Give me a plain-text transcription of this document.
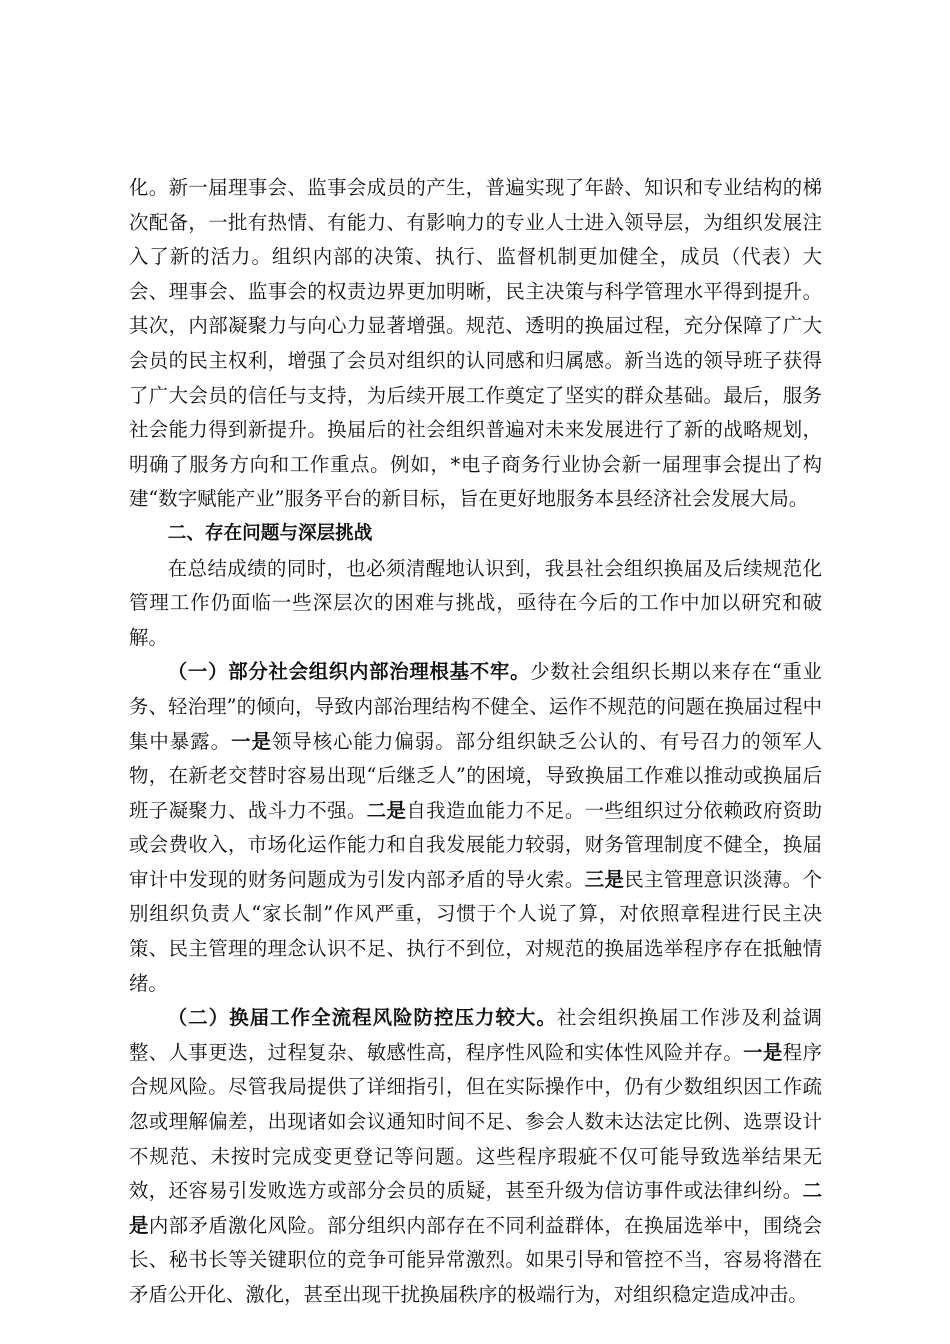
化。新一届理事会、监事会成员的产生，普遍实现了年龄、知识和专业结构的梯次配备，一批有热情、有能力、有影响力的专业人士进入领导层，为组织发展注入了新的活力。组织内部的决策、执行、监督机制更加健全，成员（代表）大会、理事会、监事会的权责边界更加明晰，民主决策与科学管理水平得到提升。其次，内部凝聚力与向心力显著增强。规范、透明的换届过程，充分保障了广大会员的民主权利，增强了会员对组织的认同感和归属感。新当选的领导班子获得了广大会员的信任与支持，为后续开展工作奠定了坚实的群众基础。最后，服务社会能力得到新提升。换届后的社会组织普遍对未来发展进行了新的战略规划，明确了服务方向和工作重点。例如，*电子商务行业协会新一届理事会提出了构建“数字赋能产业”服务平台的新目标，旨在更好地服务本县经济社会发展大局。

二、存在问题与深层挑战

在总结成绩的同时，也必须清醒地认识到，我县社会组织换届及后续规范化管理工作仍面临一些深层次的困难与挑战，亟待在今后的工作中加以研究和破解。

（一）部分社会组织内部治理根基不牢。少数社会组织长期以来存在“重业务、轻治理”的倾向，导致内部治理结构不健全、运作不规范的问题在换届过程中集中暴露。一是领导核心能力偏弱。部分组织缺乏公认的、有号召力的领军人物，在新老交替时容易出现“后继乏人”的困境，导致换届工作难以推动或换届后班子凝聚力、战斗力不强。二是自我造血能力不足。一些组织过分依赖政府资助或会费收入，市场化运作能力和自我发展能力较弱，财务管理制度不健全，换届审计中发现的财务问题成为引发内部矛盾的导火索。三是民主管理意识淡薄。个别组织负责人“家长制”作风严重，习惯于个人说了算，对依照章程进行民主决策、民主管理的理念认识不足、执行不到位，对规范的换届选举程序存在抵触情绪。

（二）换届工作全流程风险防控压力较大。社会组织换届工作涉及利益调整、人事更迭，过程复杂、敏感性高，程序性风险和实体性风险并存。一是程序合规风险。尽管我局提供了详细指引，但在实际操作中，仍有少数组织因工作疏忽或理解偏差，出现诸如会议通知时间不足、参会人数未达法定比例、选票设计不规范、未按时完成变更登记等问题。这些程序瑕疵不仅可能导致选举结果无效，还容易引发败选方或部分会员的质疑，甚至升级为信访事件或法律纠纷。二是内部矛盾激化风险。部分组织内部存在不同利益群体，在换届选举中，围绕会长、秘书长等关键职位的竞争可能异常激烈。如果引导和管控不当，容易将潜在矛盾公开化、激化，甚至出现干扰换届秩序的极端行为，对组织稳定造成冲击。
